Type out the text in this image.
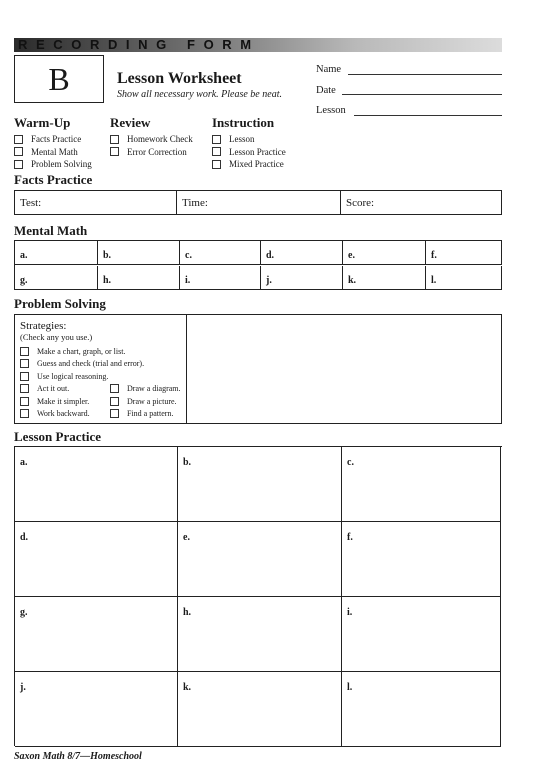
RECORDING FORM
B	Lesson Worksheet
Show all necessary work. Please be neat.
Name
Date
Lesson
Warm-Up
Facts Practice
Mental Math
Problem Solving
Review
Homework Check
Error Correction
Instruction
Lesson
Lesson Practice
Mixed Practice
Facts Practice
Test:	Time:	Score:
Mental Math
a.	b.	c.	d.	e.	f.
g.	h.	i.	j.	k.	l.
Problem Solving
Strategies:
(Check any you use.)
Make a chart, graph, or list.
Guess and check (trial and error).
Use logical reasoning.
Act it out.
Make it simpler.
Work backward.
Draw a diagram.
Draw a picture.
Find a pattern.
Lesson Practice
a.	b.	c.
d.	e.	f.
g.	h.	i.
j.	k.	l.
Saxon Math 8/7—Homeschool
